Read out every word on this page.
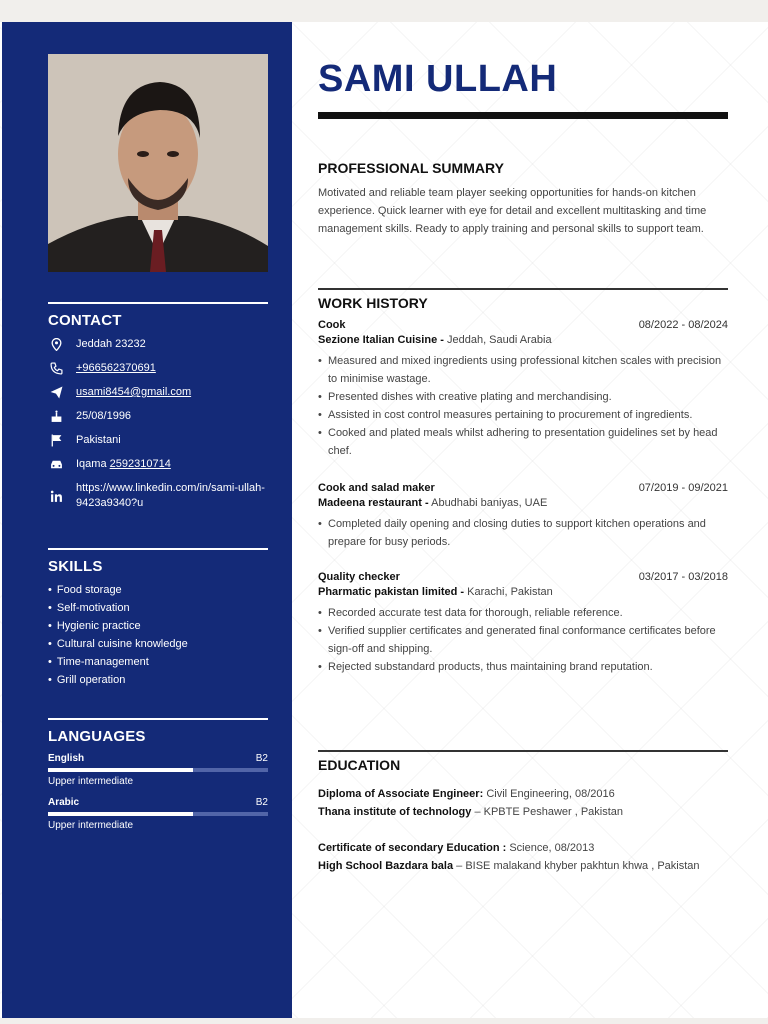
CONTACT
Jeddah 23232
+966562370691
usami8454@gmail.com
25/08/1996
Pakistani
Iqama 2592310714
https://www.linkedin.com/in/sami-ullah-9423a9340?u
SKILLS
• Food storage
• Self-motivation
• Hygienic practice
• Cultural cuisine knowledge
• Time-management
• Grill operation
LANGUAGES
English	B2
Upper intermediate
Arabic	B2
Upper intermediate
SAMI ULLAH
PROFESSIONAL SUMMARY
Motivated and reliable team player seeking opportunities for hands-on kitchen experience. Quick learner with eye for detail and excellent multitasking and time management skills. Ready to apply training and personal skills to support team.
WORK HISTORY
Cook	08/2022 - 08/2024
Sezione Italian Cuisine - Jeddah, Saudi Arabia
• Measured and mixed ingredients using professional kitchen scales with precision to minimise wastage.
• Presented dishes with creative plating and merchandising.
• Assisted in cost control measures pertaining to procurement of ingredients.
• Cooked and plated meals whilst adhering to presentation guidelines set by head chef.
Cook and salad maker	07/2019 - 09/2021
Madeena restaurant - Abudhabi baniyas, UAE
• Completed daily opening and closing duties to support kitchen operations and prepare for busy periods.
Quality checker	03/2017 - 03/2018
Pharmatic pakistan limited - Karachi, Pakistan
• Recorded accurate test data for thorough, reliable reference.
• Verified supplier certificates and generated final conformance certificates before sign-off and shipping.
• Rejected substandard products, thus maintaining brand reputation.
EDUCATION
Diploma of Associate Engineer: Civil Engineering, 08/2016
Thana institute of technology – KPBTE Peshawer , Pakistan
Certificate of secondary Education : Science, 08/2013
High School Bazdara bala – BISE malakand khyber pakhtun khwa , Pakistan
